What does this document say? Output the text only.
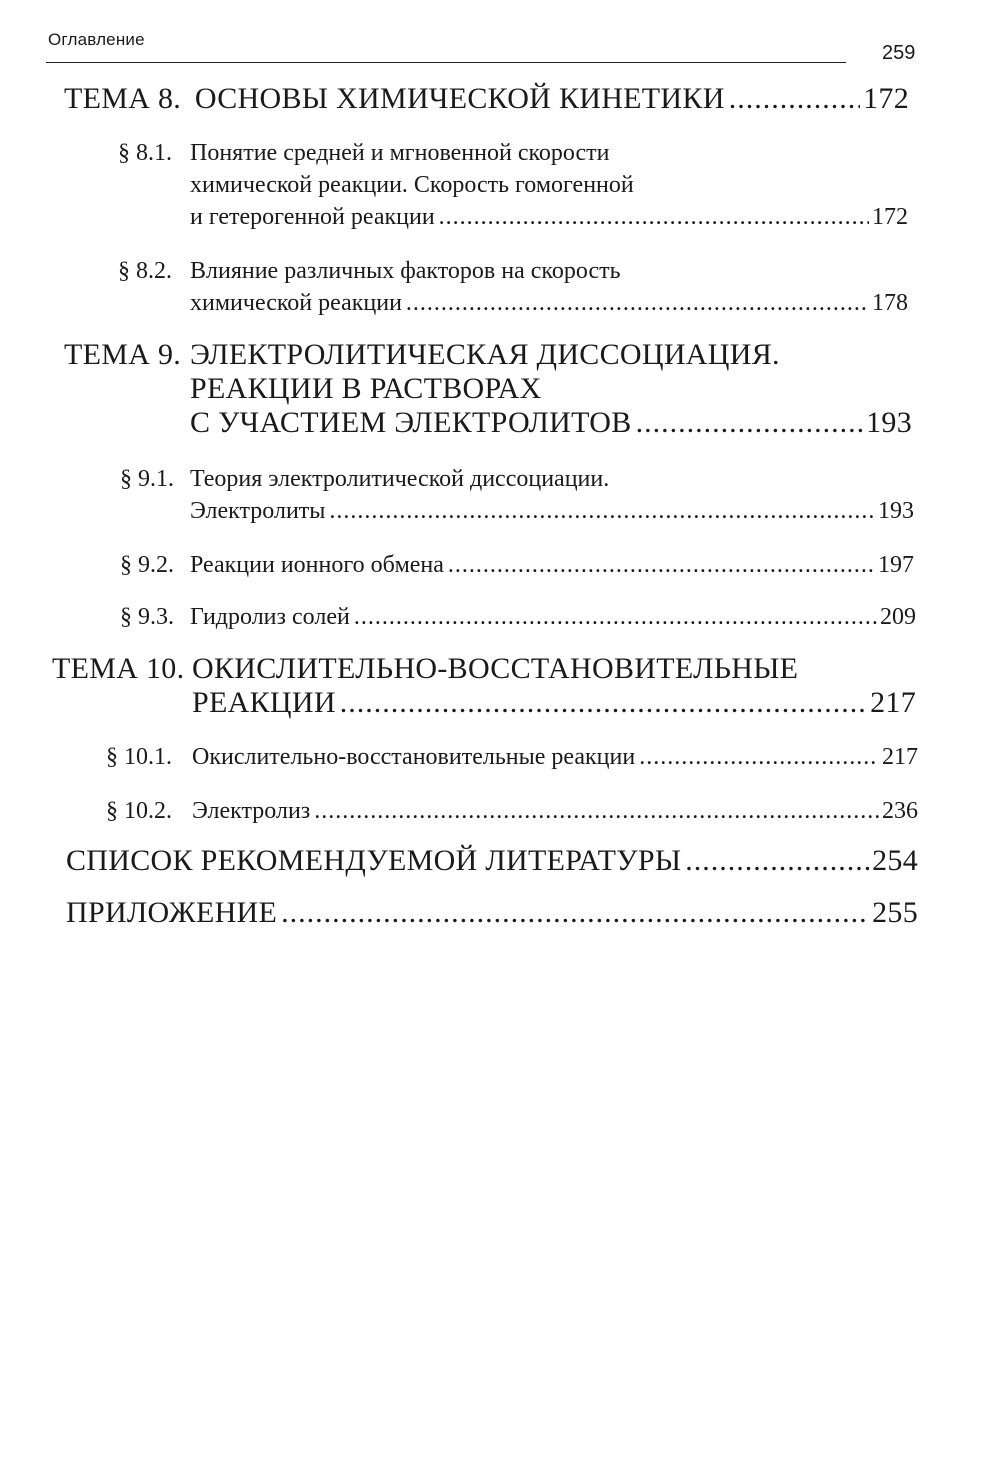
Оглавление
259
ТЕМА 8. ОСНОВЫ ХИМИЧЕСКОЙ КИНЕТИКИ .....	172
§ 8.1. Понятие средней и мгновенной скорости
химической реакции. Скорость гомогенной
и гетерогенной реакции .....	172
§ 8.2. Влияние различных факторов на скорость
химической реакции .....	178
ТЕМА 9. ЭЛЕКТРОЛИТИЧЕСКАЯ ДИССОЦИАЦИЯ.
РЕАКЦИИ В РАСТВОРАХ
С УЧАСТИЕМ ЭЛЕКТРОЛИТОВ .....	193
§ 9.1. Теория электролитической диссоциации.
Электролиты .....	193
§ 9.2. Реакции ионного обмена .....	197
§ 9.3. Гидролиз солей .....	209
ТЕМА 10. ОКИСЛИТЕЛЬНО-ВОССТАНОВИТЕЛЬНЫЕ
РЕАКЦИИ .....	217
§ 10.1. Окислительно-восстановительные реакции .....	217
§ 10.2. Электролиз .....	236
СПИСОК РЕКОМЕНДУЕМОЙ ЛИТЕРАТУРЫ .....	254
ПРИЛОЖЕНИЕ .....	255
